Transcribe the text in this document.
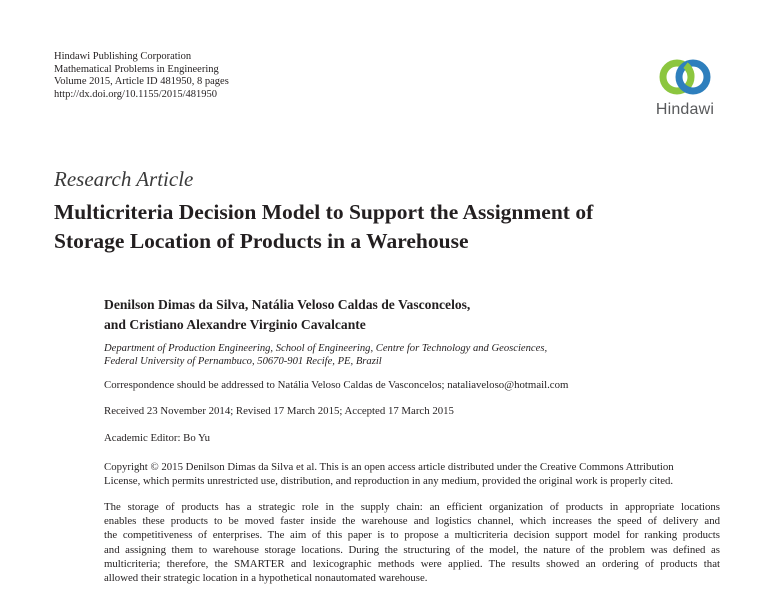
Hindawi Publishing Corporation
Mathematical Problems in Engineering
Volume 2015, Article ID 481950, 8 pages
http://dx.doi.org/10.1155/2015/481950
Hindawi
Research Article
Multicriteria Decision Model to Support the Assignment of
Storage Location of Products in a Warehouse
Denilson Dimas da Silva, Natália Veloso Caldas de Vasconcelos,
and Cristiano Alexandre Virginio Cavalcante
Department of Production Engineering, School of Engineering, Centre for Technology and Geosciences,
Federal University of Pernambuco, 50670-901 Recife, PE, Brazil
Correspondence should be addressed to Natália Veloso Caldas de Vasconcelos; nataliaveloso@hotmail.com
Received 23 November 2014; Revised 17 March 2015; Accepted 17 March 2015
Academic Editor: Bo Yu
Copyright © 2015 Denilson Dimas da Silva et al. This is an open access article distributed under the Creative Commons Attribution
License, which permits unrestricted use, distribution, and reproduction in any medium, provided the original work is properly cited.
The storage of products has a strategic role in the supply chain: an efficient organization of products in appropriate locations
enables these products to be moved faster inside the warehouse and logistics channel, which increases the speed of delivery and
the competitiveness of enterprises. The aim of this paper is to propose a multicriteria decision support model for ranking products
and assigning them to warehouse storage locations. During the structuring of the model, the nature of the problem was defined as
multicriteria; therefore, the SMARTER and lexicographic methods were applied. The results showed an ordering of products that
allowed their strategic location in a hypothetical nonautomated warehouse.
